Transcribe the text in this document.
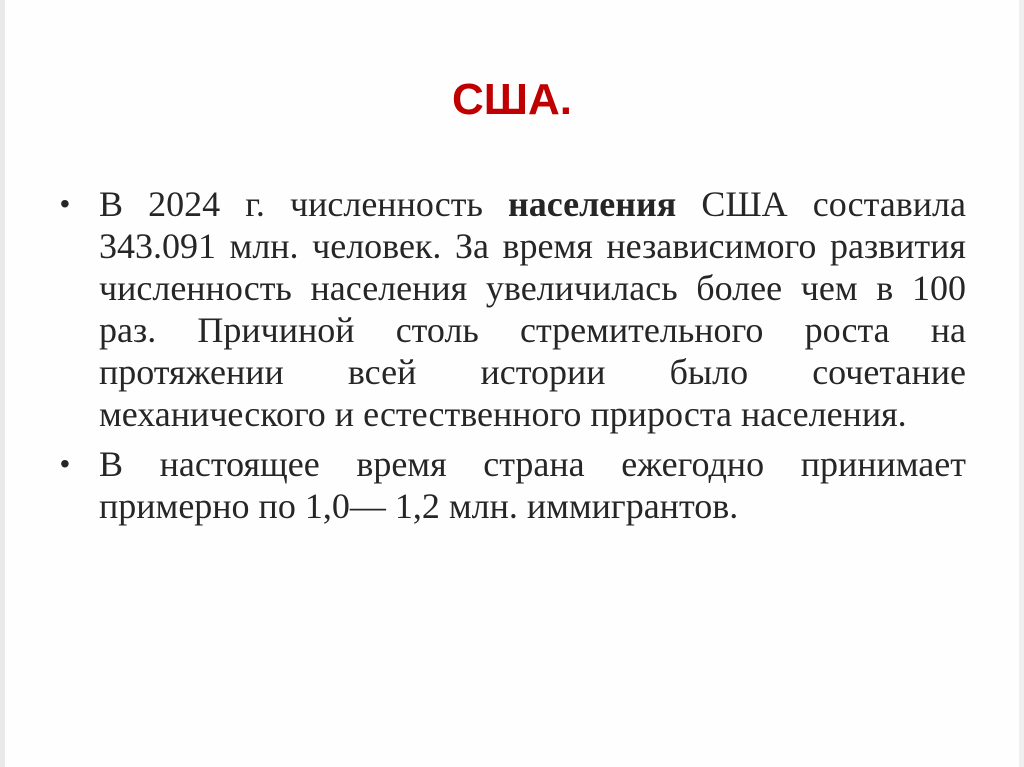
США.
• В 2024 г. численность населения США составила 343.091 млн. человек. За время независимого развития численность населения увеличилась более чем в 100 раз. Причиной столь стремительного роста на протяжении всей истории было сочетание механического и естественного прироста населения.
• В настоящее время страна ежегодно принимает примерно по 1,0— 1,2 млн. иммигрантов.
